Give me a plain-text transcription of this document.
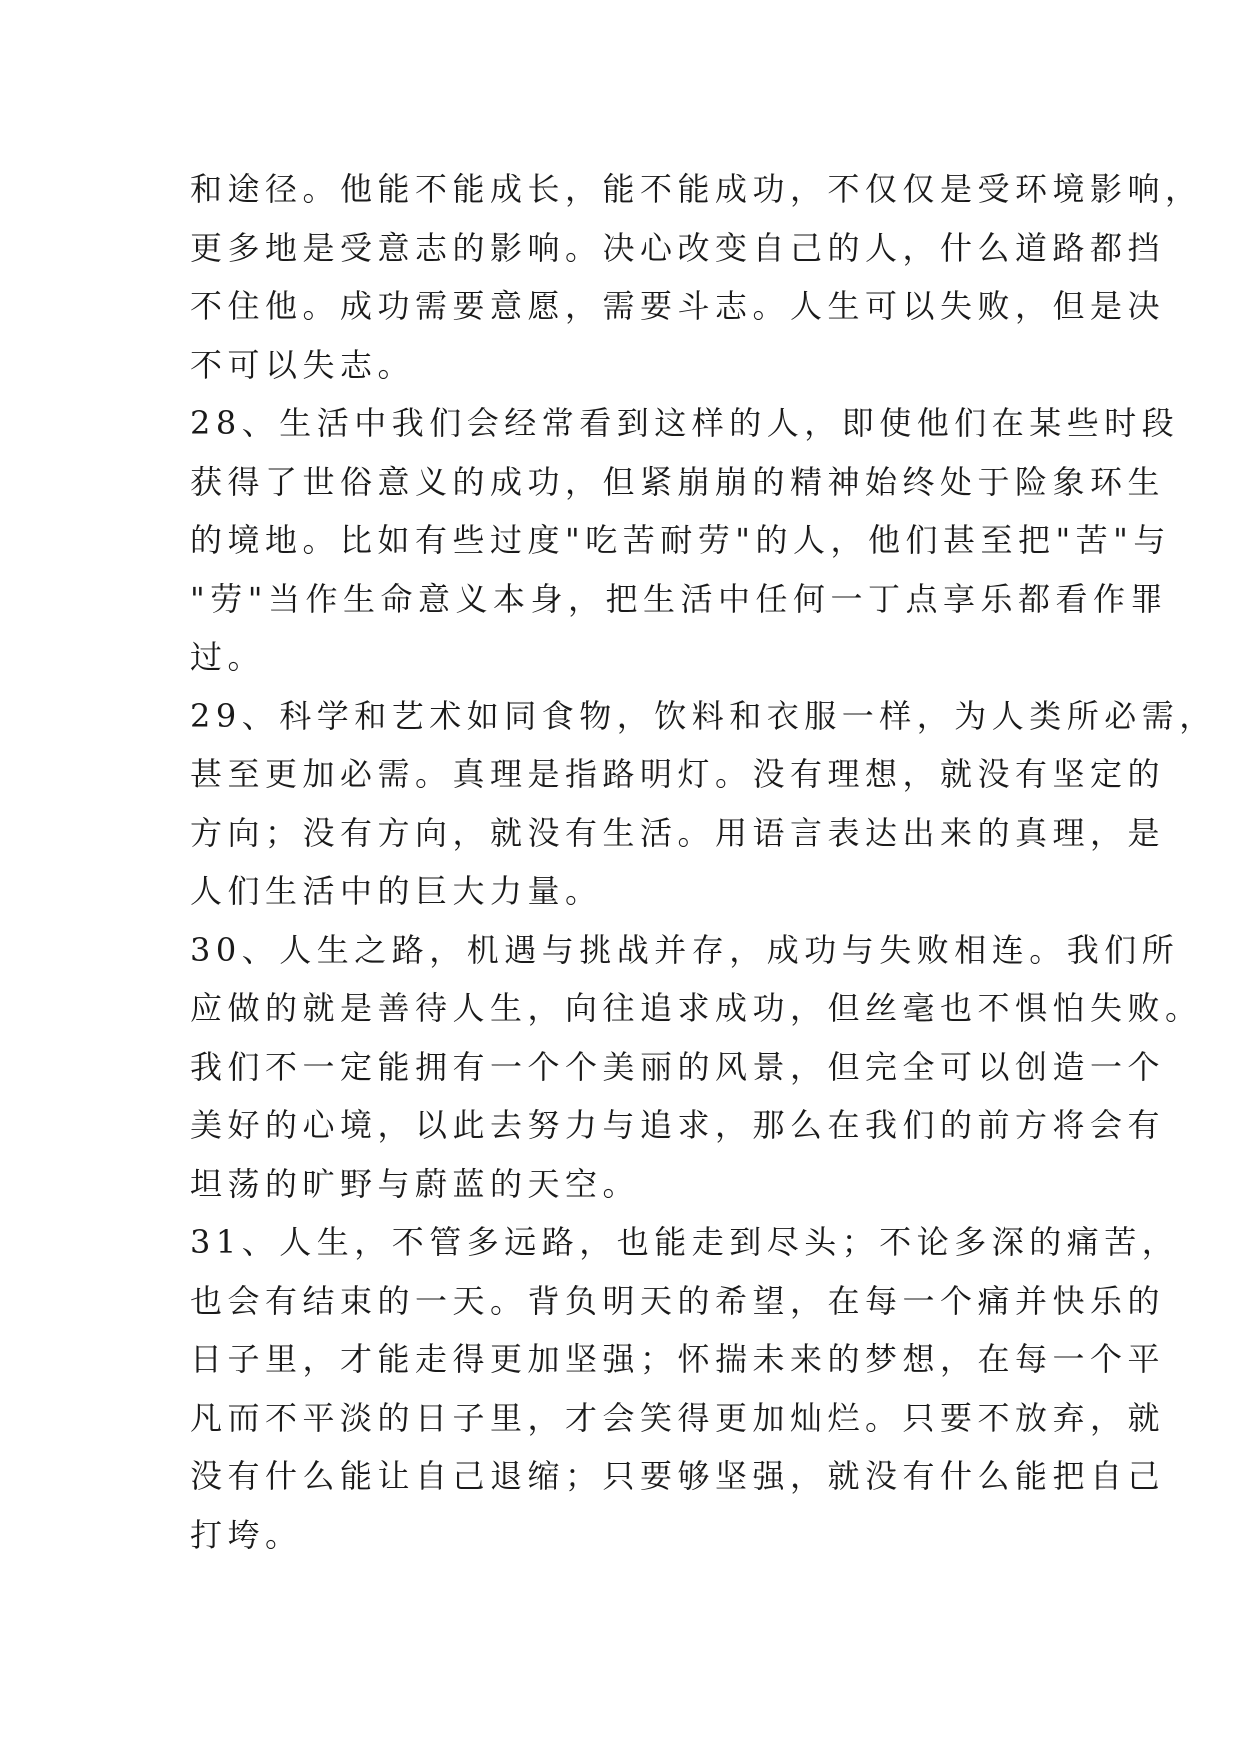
和途径。他能不能成长，能不能成功，不仅仅是受环境影响，
更多地是受意志的影响。决心改变自己的人，什么道路都挡
不住他。成功需要意愿，需要斗志。人生可以失败，但是决
不可以失志。
28、生活中我们会经常看到这样的人，即使他们在某些时段
获得了世俗意义的成功，但紧崩崩的精神始终处于险象环生
的境地。比如有些过度"吃苦耐劳"的人，他们甚至把"苦"与
"劳"当作生命意义本身，把生活中任何一丁点享乐都看作罪
过。
29、科学和艺术如同食物，饮料和衣服一样，为人类所必需，
甚至更加必需。真理是指路明灯。没有理想，就没有坚定的
方向；没有方向，就没有生活。用语言表达出来的真理，是
人们生活中的巨大力量。
30、人生之路，机遇与挑战并存，成功与失败相连。我们所
应做的就是善待人生，向往追求成功，但丝毫也不惧怕失败。
我们不一定能拥有一个个美丽的风景，但完全可以创造一个
美好的心境，以此去努力与追求，那么在我们的前方将会有
坦荡的旷野与蔚蓝的天空。
31、人生，不管多远路，也能走到尽头；不论多深的痛苦，
也会有结束的一天。背负明天的希望，在每一个痛并快乐的
日子里，才能走得更加坚强；怀揣未来的梦想，在每一个平
凡而不平淡的日子里，才会笑得更加灿烂。只要不放弃，就
没有什么能让自己退缩；只要够坚强，就没有什么能把自己
打垮。
